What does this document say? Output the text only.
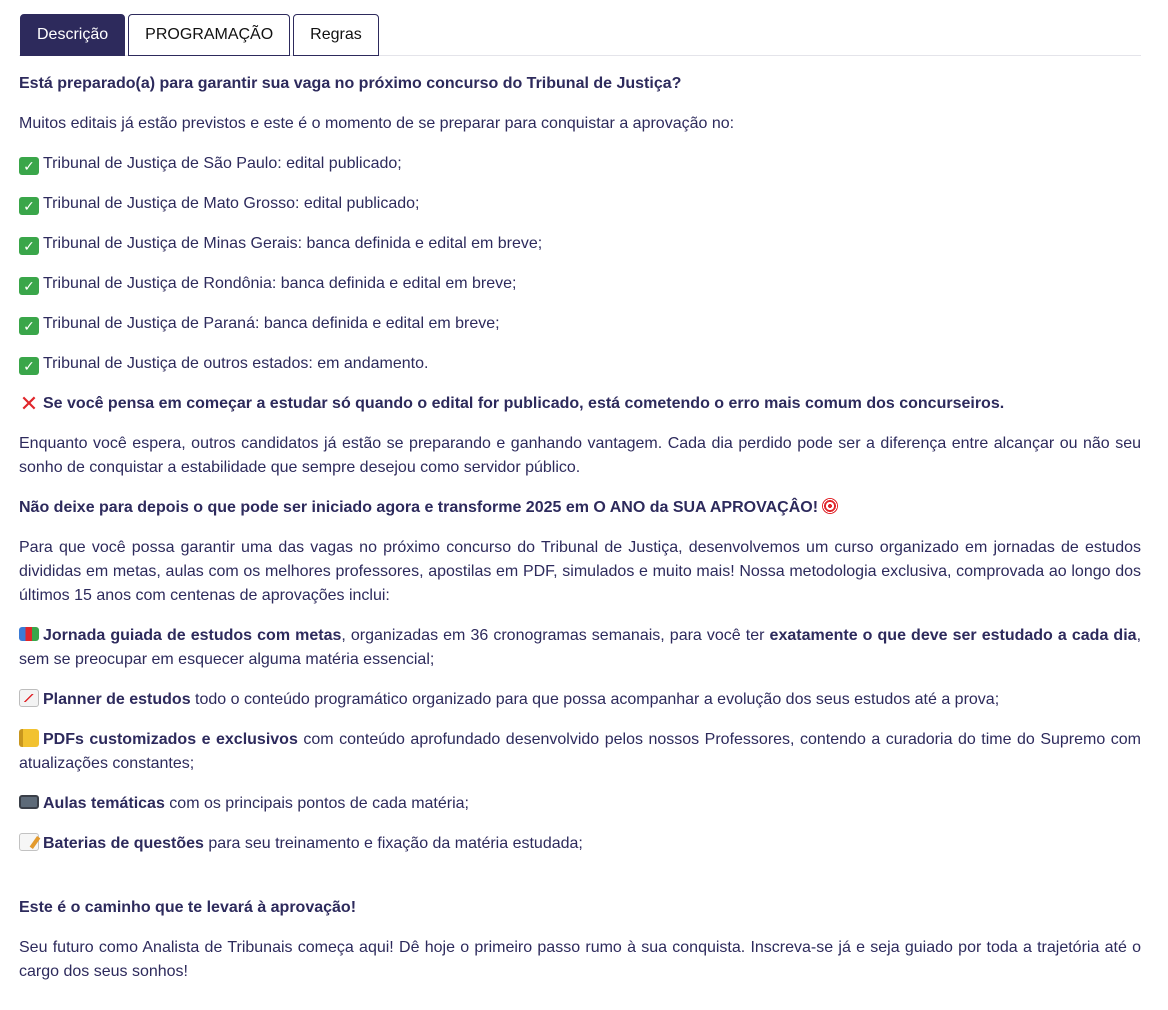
Descrição	PROGRAMAÇÃO	Regras

Está preparado(a) para garantir sua vaga no próximo concurso do Tribunal de Justiça?

Muitos editais já estão previstos e este é o momento de se preparar para conquistar a aprovação no:

✓ Tribunal de Justiça de São Paulo: edital publicado;

✓ Tribunal de Justiça de Mato Grosso: edital publicado;

✓ Tribunal de Justiça de Minas Gerais: banca definida e edital em breve;

✓ Tribunal de Justiça de Rondônia: banca definida e edital em breve;

✓ Tribunal de Justiça de Paraná: banca definida e edital em breve;

✓ Tribunal de Justiça de outros estados: em andamento.

✕ Se você pensa em começar a estudar só quando o edital for publicado, está cometendo o erro mais comum dos concurseiros.

Enquanto você espera, outros candidatos já estão se preparando e ganhando vantagem. Cada dia perdido pode ser a diferença entre alcançar ou não seu sonho de conquistar a estabilidade que sempre desejou como servidor público.

Não deixe para depois o que pode ser iniciado agora e transforme 2025 em O ANO da SUA APROVAÇÂO!

Para que você possa garantir uma das vagas no próximo concurso do Tribunal de Justiça, desenvolvemos um curso organizado em jornadas de estudos divididas em metas, aulas com os melhores professores, apostilas em PDF, simulados e muito mais! Nossa metodologia exclusiva, comprovada ao longo dos últimos 15 anos com centenas de aprovações inclui:

Jornada guiada de estudos com metas, organizadas em 36 cronogramas semanais, para você ter exatamente o que deve ser estudado a cada dia, sem se preocupar em esquecer alguma matéria essencial;

Planner de estudos todo o conteúdo programático organizado para que possa acompanhar a evolução dos seus estudos até a prova;

PDFs customizados e exclusivos com conteúdo aprofundado desenvolvido pelos nossos Professores, contendo a curadoria do time do Supremo com atualizações constantes;

Aulas temáticas com os principais pontos de cada matéria;

Baterias de questões para seu treinamento e fixação da matéria estudada;

Este é o caminho que te levará à aprovação!

Seu futuro como Analista de Tribunais começa aqui! Dê hoje o primeiro passo rumo à sua conquista. Inscreva-se já e seja guiado por toda a trajetória até o cargo dos seus sonhos!
